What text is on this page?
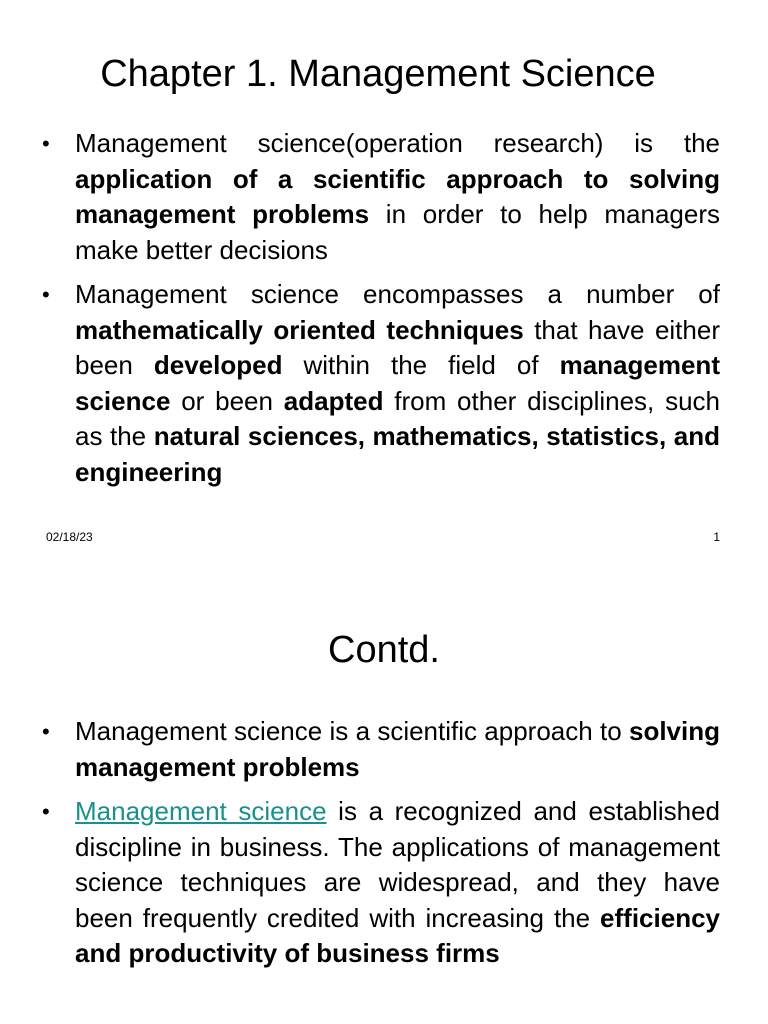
Chapter 1. Management Science
• Management science(operation research) is the application of a scientific approach to solving management problems in order to help managers make better decisions
• Management science encompasses a number of mathematically oriented techniques that have either been developed within the field of management science or been adapted from other disciplines, such as the natural sciences, mathematics, statistics, and engineering
02/18/23	1
Contd.
• Management science is a scientific approach to solving management problems
• Management science is a recognized and established discipline in business. The applications of management science techniques are widespread, and they have been frequently credited with increasing the efficiency and productivity of business firms
